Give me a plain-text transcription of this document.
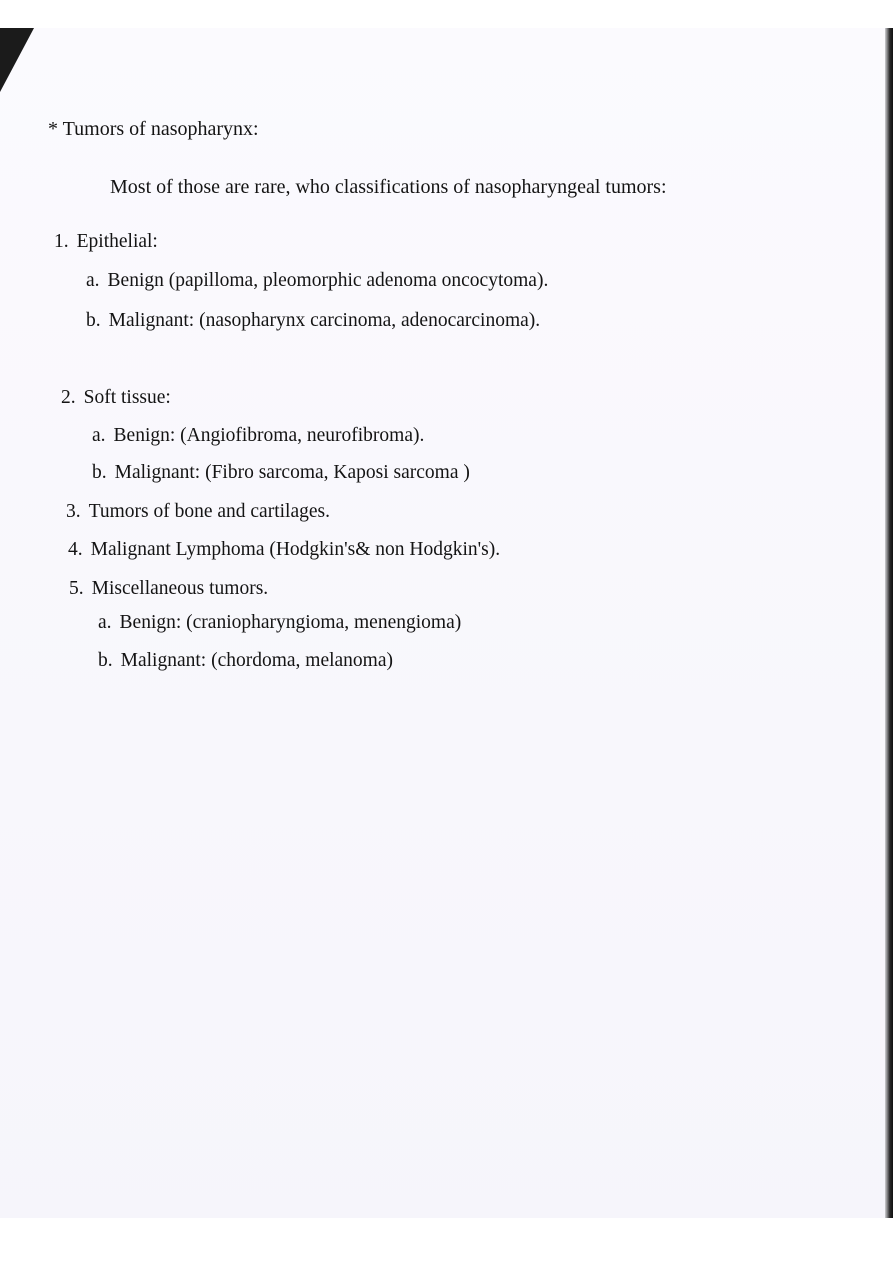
* Tumors of nasopharynx:
Most of those are rare, who classifications of nasopharyngeal tumors:
1. Epithelial:
a. Benign (papilloma, pleomorphic adenoma oncocytoma).
b. Malignant: (nasopharynx carcinoma, adenocarcinoma).
2. Soft tissue:
a. Benign: (Angiofibroma, neurofibroma).
b. Malignant: (Fibro sarcoma, Kaposi sarcoma )
3. Tumors of bone and cartilages.
4. Malignant Lymphoma (Hodgkin's& non Hodgkin's).
5. Miscellaneous tumors.
a. Benign: (craniopharyngioma, menengioma)
b. Malignant: (chordoma, melanoma)
